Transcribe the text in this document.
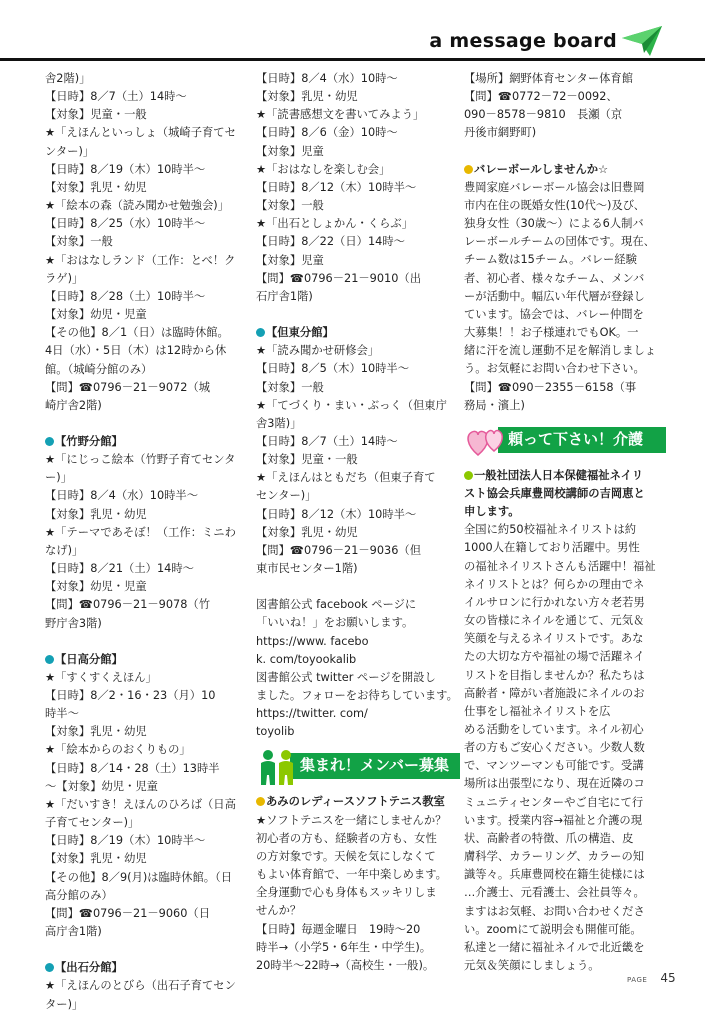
a message board

舎2階)」

【日時】8／7（土）14時〜

【対象】児童・一般

★「えほんといっしょ（城崎子育てセ

ンター)」

【日時】8／19（木）10時半〜

【対象】乳児・幼児

★「絵本の森（読み聞かせ勉強会)」

【日時】8／25（水）10時半〜

【対象】一般

★「おはなしランド（工作：とべ！ク

ラゲ)」

【日時】8／28（土）10時半〜

【対象】幼児・児童

【その他】8／1（日）は臨時休館。

4日（水）・5日（木）は12時から休

館。（城崎分館のみ）

【問】☎0796－21－9072（城

崎庁舎2階)

【竹野分館】

★「にじっこ絵本（竹野子育てセンタ

ー)」

【日時】8／4（水）10時半〜

【対象】乳児・幼児

★「テーマであそぼ！（工作：ミニわ

なげ)」

【日時】8／21（土）14時〜

【対象】幼児・児童

【問】☎0796－21－9078（竹

野庁舎3階)

【日高分館】

★「すくすくえほん」

【日時】8／2・16・23（月）10

時半〜

【対象】乳児・幼児

★「絵本からのおくりもの」

【日時】8／14・28（土）13時半

〜【対象】幼児・児童

★「だいすき！えほんのひろば（日高

子育てセンター)」

【日時】8／19（木）10時半〜

【対象】乳児・幼児

【その他】8／9(月)は臨時休館。（日

高分館のみ）

【問】☎0796－21－9060（日

高庁舎1階)

【出石分館】

★「えほんのとびら（出石子育てセン

ター)」

【日時】8／4（水）10時〜

【対象】乳児・幼児

★「読書感想文を書いてみよう」

【日時】8／6（金）10時〜

【対象】児童

★「おはなしを楽しむ会」

【日時】8／12（木）10時半〜

【対象】一般

★「出石としょかん・くらぶ」

【日時】8／22（日）14時〜

【対象】児童

【問】☎0796－21－9010（出

石庁舎1階)

【但東分館】

★「読み聞かせ研修会」

【日時】8／5（木）10時半〜

【対象】一般

★「てづくり・まい・ぶっく（但東庁

舎3階)」

【日時】8／7（土）14時〜

【対象】児童・一般

★「えほんはともだち（但東子育て

センター)」

【日時】8／12（木）10時半〜

【対象】乳児・幼児

【問】☎0796－21－9036（但

東市民センター1階)

図書館公式 facebook ページに

「いいね！」をお願いします。

https://www. facebo

k. com/toyookalib

図書館公式 twitter ページを開設し

ました。フォローをお待ちしています。

https://twitter. com/

toyolib

集まれ！メンバー募集

あみのレディースソフトテニス教室

★ソフトテニスを一緒にしませんか？

初心者の方も、経験者の方も、女性

の方対象です。天候を気にしなくて

もよい体育館で、一年中楽しめます。

全身運動で心も身体もスッキリしま

せんか？

【日時】毎週金曜日　19時〜20

時半→（小学5・6年生・中学生)。

20時半〜22時→（高校生・一般)。

【場所】網野体育センター体育館

【問】☎0772－72－0092、

090－8578－9810　長瀬（京

丹後市網野町)

バレーボールしませんか☆

豊岡家庭バレーボール協会は旧豊岡

市内在住の既婚女性(10代〜)及び、

独身女性（30歳〜）による6人制バ

レーボールチームの団体です。現在、

チーム数は15チーム。バレー経験

者、初心者、様々なチーム、メンバ

ーが活動中。幅広い年代層が登録し

ています。協会では、バレー仲間を

大募集！！お子様連れでもOK。一

緒に汗を流し運動不足を解消しましょ

う。お気軽にお問い合わせ下さい。

【問】☎090－2355－6158（事

務局・濱上)

頼って下さい！介護

一般社団法人日本保健福祉ネイリ

スト協会兵庫豊岡校講師の吉岡恵と

申します。

全国に約50校福祉ネイリストは約

1000人在籍しており活躍中。男性

の福祉ネイリストさんも活躍中！福祉

ネイリストとは？何らかの理由でネ

イルサロンに行かれない方々老若男

女の皆様にネイルを通じて、元気＆

笑顔を与えるネイリストです。あな

たの大切な方や福祉の場で活躍ネイ

リストを目指しませんか？私たちは

高齢者・障がい者施設にネイルのお

仕事をし福祉ネイリストを広

める活動をしています。ネイル初心

者の方もご安心ください。少数人数

で、マンツーマンも可能です。受講

場所は出張型になり、現在近隣のコ

ミュニティセンターやご自宅にて行

います。授業内容→福祉と介護の現

状、高齢者の特徴、爪の構造、皮

膚科学、カラーリング、カラーの知

識等々。兵庫豊岡校在籍生徒様には

…介護士、元看護士、会社員等々。

ますはお気軽、お問い合わせくださ

い。zoomにて説明会も開催可能。

私達と一緒に福祉ネイルで北近畿を

元気＆笑顔にしましょう。

PAGE 45
